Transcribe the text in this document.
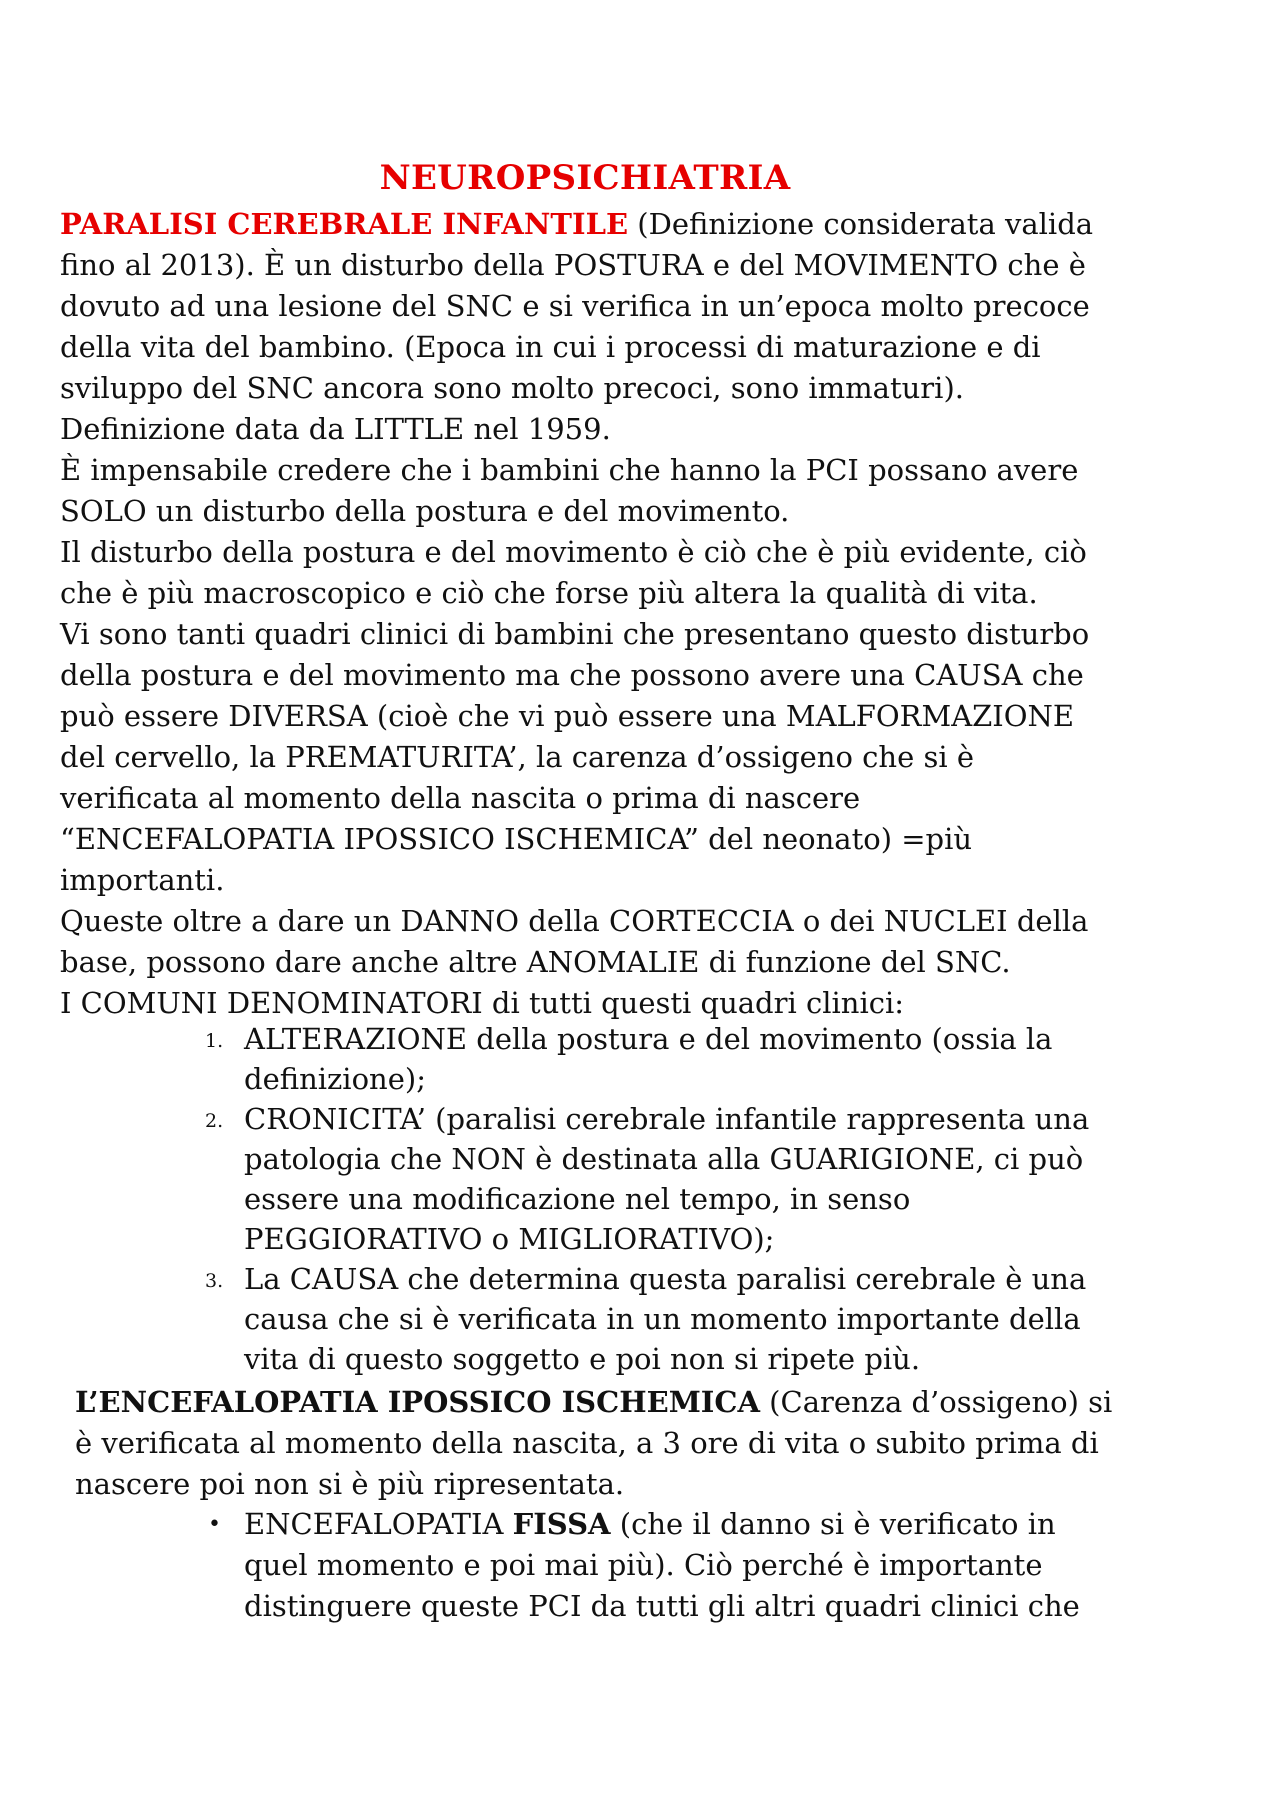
NEUROPSICHIATRIA

PARALISI CEREBRALE INFANTILE (Definizione considerata valida fino al 2013). È un disturbo della POSTURA e del MOVIMENTO che è dovuto ad una lesione del SNC e si verifica in un’epoca molto precoce della vita del bambino. (Epoca in cui i processi di maturazione e di sviluppo del SNC ancora sono molto precoci, sono immaturi).

Definizione data da LITTLE nel 1959.

È impensabile credere che i bambini che hanno la PCI possano avere SOLO un disturbo della postura e del movimento.

Il disturbo della postura e del movimento è ciò che è più evidente, ciò che è più macroscopico e ciò che forse più altera la qualità di vita.

Vi sono tanti quadri clinici di bambini che presentano questo disturbo della postura e del movimento ma che possono avere una CAUSA che può essere DIVERSA (cioè che vi può essere una MALFORMAZIONE del cervello, la PREMATURITA’, la carenza d’ossigeno che si è verificata al momento della nascita o prima di nascere “ENCEFALOPATIA IPOSSICO ISCHEMICA” del neonato) =più importanti.

Queste oltre a dare un DANNO della CORTECCIA o dei NUCLEI della base, possono dare anche altre ANOMALIE di funzione del SNC.

I COMUNI DENOMINATORI di tutti questi quadri clinici:

1. ALTERAZIONE della postura e del movimento (ossia la definizione);
2. CRONICITA’ (paralisi cerebrale infantile rappresenta una patologia che NON è destinata alla GUARIGIONE, ci può essere una modificazione nel tempo, in senso PEGGIORATIVO o MIGLIORATIVO);
3. La CAUSA che determina questa paralisi cerebrale è una causa che si è verificata in un momento importante della vita di questo soggetto e poi non si ripete più.

L’ENCEFALOPATIA IPOSSICO ISCHEMICA (Carenza d’ossigeno) si è verificata al momento della nascita, a 3 ore di vita o subito prima di nascere poi non si è più ripresentata.

• ENCEFALOPATIA FISSA (che il danno si è verificato in quel momento e poi mai più). Ciò perché è importante distinguere queste PCI da tutti gli altri quadri clinici che
